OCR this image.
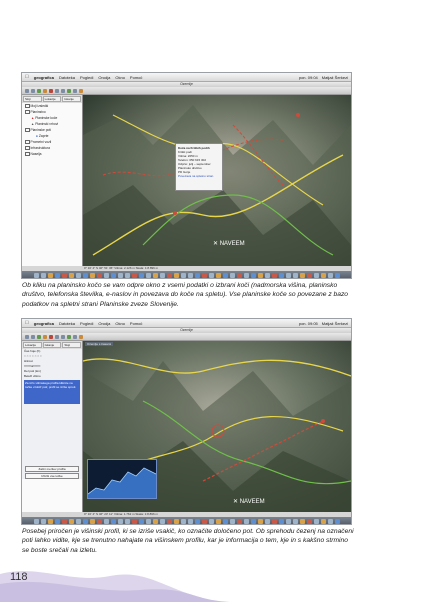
geografica Datoteka Pogledi Orodja Okno Pomoč	pon. 09:04 Matjaž Šerkezi
Ozemlje
Sloji	Lokacije	Iskanje
Moji izsledki
Planinstvo
▲ Planinske koče
▲ Planinski vrhovi
Planinske poti
● Zaprte
Prometni vozli
Infrastruktura
Naselja
✕ NAVEEM
Koča na Kriških podih
Kriški podi
Višina: 2050 m
Telefon: 050 615 302
Odprto: julij – september
Planinsko društvo
PD Gorje
Povezava na spletno stran
0° 16' 4" S 40° 51' 36" Višina: 2.126 m Skala: 1:8.896 m

Ob kliku na planinsko kočo se vam odpre okno z vsemi podatki o izbrani koči (nadmorska višina, planinsko društvo, telefonska številka, e-naslov in povezava do koče na spletu). Vse planinske koče so povezane z bazo podatkov na spletni strani Planinske zveze Slovenije.

geografica Datoteka Pogledi Orodja Okno Pomoč	pon. 09:05 Matjaž Šerkezi
Ozemlje
Lokacije	Iskanje	Sloji
Čas hoje (h)
○ ○ ○ ○ ○ ○ ○
Hitrost
━━━━●━━━━
Del poti (km)
Beleži višino
Za izris višinskega profila kliknite na točke vzdolž poti; profil se izriše sproti.
Začni meritev profila
Izbriši vse točke
Ozemlje s trasami
✕ NAVEEM
0° 16' 4" S 46° 23' 11" Višina: 1.762 m Skala: 1:8.896 m

Posebej priročen je višinski profil, ki se izriše vsakič, ko označite določeno pot. Ob sprehodu čezenj na označeni poti lahko vidite, kje se trenutno nahajate na višinskem profilu, kar je informacija o tem, kje in s kakšno strmino se boste srečali na izletu.

118
